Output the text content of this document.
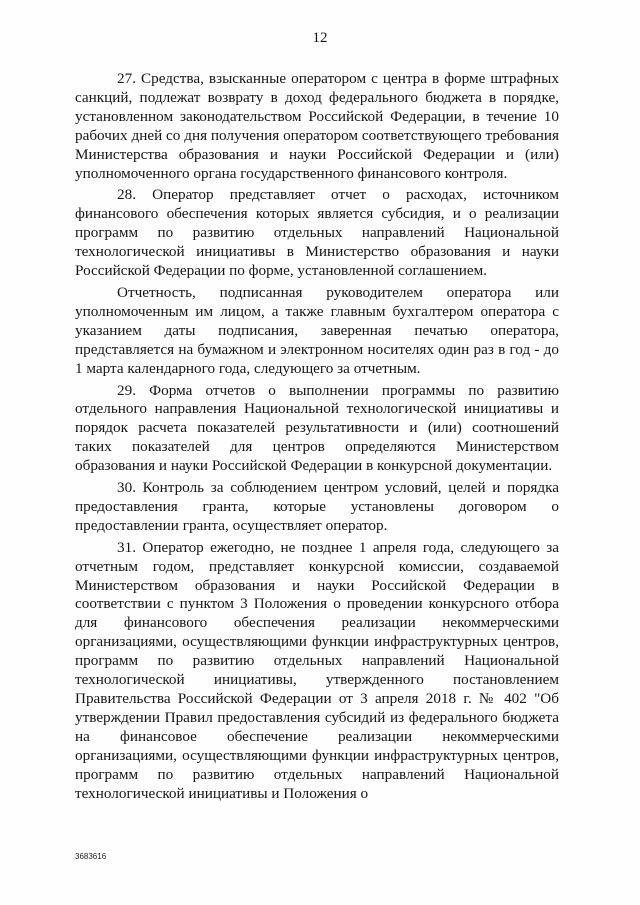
12

27. Средства, взысканные оператором с центра в форме штрафных санкций, подлежат возврату в доход федерального бюджета в порядке, установленном законодательством Российской Федерации, в течение 10 рабочих дней со дня получения оператором соответствующего требования Министерства образования и науки Российской Федерации и (или) уполномоченного органа государственного финансового контроля.

28. Оператор представляет отчет о расходах, источником финансового обеспечения которых является субсидия, и о реализации программ по развитию отдельных направлений Национальной технологической инициативы в Министерство образования и науки Российской Федерации по форме, установленной соглашением.

Отчетность, подписанная руководителем оператора или уполномоченным им лицом, а также главным бухгалтером оператора с указанием даты подписания, заверенная печатью оператора, представляется на бумажном и электронном носителях один раз в год - до 1 марта календарного года, следующего за отчетным.

29. Форма отчетов о выполнении программы по развитию отдельного направления Национальной технологической инициативы и порядок расчета показателей результативности и (или) соотношений таких показателей для центров определяются Министерством образования и науки Российской Федерации в конкурсной документации.

30. Контроль за соблюдением центром условий, целей и порядка предоставления гранта, которые установлены договором о предоставлении гранта, осуществляет оператор.

31. Оператор ежегодно, не позднее 1 апреля года, следующего за отчетным годом, представляет конкурсной комиссии, создаваемой Министерством образования и науки Российской Федерации в соответствии с пунктом 3 Положения о проведении конкурсного отбора для финансового обеспечения реализации некоммерческими организациями, осуществляющими функции инфраструктурных центров, программ по развитию отдельных направлений Национальной технологической инициативы, утвержденного постановлением Правительства Российской Федерации от 3 апреля 2018 г. № 402 "Об утверждении Правил предоставления субсидий из федерального бюджета на финансовое обеспечение реализации некоммерческими организациями, осуществляющими функции инфраструктурных центров, программ по развитию отдельных направлений Национальной технологической инициативы и Положения о

3683616
